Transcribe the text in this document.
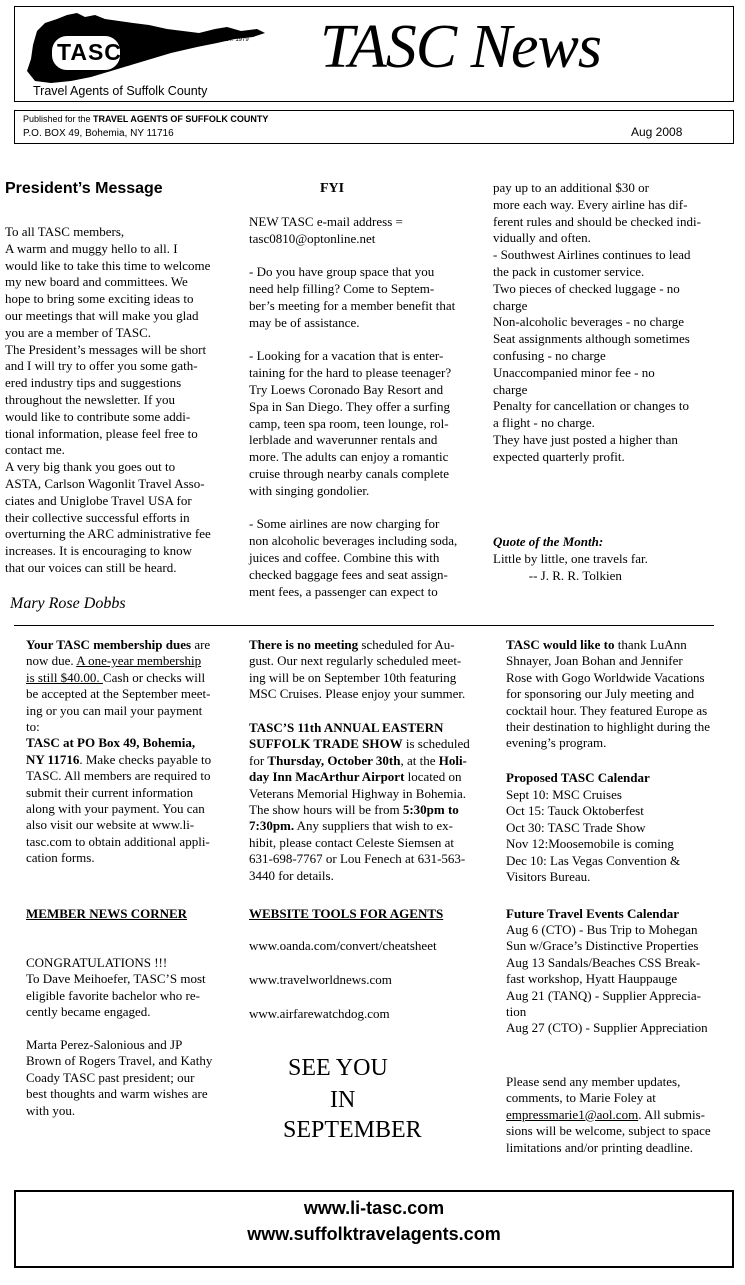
TASC	EST. 1979
Travel Agents of Suffolk County
TASC News
Published for the TRAVEL AGENTS OF SUFFOLK COUNTY
P.O. BOX 49, Bohemia, NY 11716	Aug 2008
President’s Message
To all TASC members,
A warm and muggy hello to all. I
would like to take this time to welcome
my new board and committees. We
hope to bring some exciting ideas to
our meetings that will make you glad
you are a member of TASC.
The President’s messages will be short
and I will try to offer you some gath-
ered industry tips and suggestions
throughout the newsletter. If you
would like to contribute some addi-
tional information, please feel free to
contact me.
A very big thank you goes out to
ASTA, Carlson Wagonlit Travel Asso-
ciates and Uniglobe Travel USA for
their collective successful efforts in
overturning the ARC administrative fee
increases. It is encouraging to know
that our voices can still be heard.
Mary Rose Dobbs
FYI
NEW TASC e-mail address =
tasc0810@optonline.net

- Do you have group space that you
need help filling? Come to Septem-
ber’s meeting for a member benefit that
may be of assistance.

- Looking for a vacation that is enter-
taining for the hard to please teenager?
Try Loews Coronado Bay Resort and
Spa in San Diego. They offer a surfing
camp, teen spa room, teen lounge, rol-
lerblade and waverunner rentals and
more. The adults can enjoy a romantic
cruise through nearby canals complete
with singing gondolier.

- Some airlines are now charging for
non alcoholic beverages including soda,
juices and coffee. Combine this with
checked baggage fees and seat assign-
ment fees, a passenger can expect to
pay up to an additional $30 or
more each way. Every airline has dif-
ferent rules and should be checked indi-
vidually and often.
- Southwest Airlines continues to lead
the pack in customer service.
Two pieces of checked luggage - no
charge
Non-alcoholic beverages - no charge
Seat assignments although sometimes
confusing - no charge
Unaccompanied minor fee - no
charge
Penalty for cancellation or changes to
a flight - no charge.
They have just posted a higher than
expected quarterly profit.
Quote of the Month:
Little by little, one travels far.
-- J. R. R. Tolkien
Your TASC membership dues are
now due. A one-year membership
is still $40.00. Cash or checks will
be accepted at the September meet-
ing or you can mail your payment
to:
TASC at PO Box 49, Bohemia,
NY 11716. Make checks payable to
TASC. All members are required to
submit their current information
along with your payment. You can
also visit our website at www.li-
tasc.com to obtain additional appli-
cation forms.
MEMBER NEWS CORNER
CONGRATULATIONS !!!
To Dave Meihoefer, TASC’S most
eligible favorite bachelor who re-
cently became engaged.

Marta Perez-Salonious and JP
Brown of Rogers Travel, and Kathy
Coady TASC past president; our
best thoughts and warm wishes are
with you.
There is no meeting scheduled for Au-
gust. Our next regularly scheduled meet-
ing will be on September 10th featuring
MSC Cruises. Please enjoy your summer.
TASC’S 11th ANNUAL EASTERN
SUFFOLK TRADE SHOW is scheduled
for Thursday, October 30th, at the Holi-
day Inn MacArthur Airport located on
Veterans Memorial Highway in Bohemia.
The show hours will be from 5:30pm to
7:30pm. Any suppliers that wish to ex-
hibit, please contact Celeste Siemsen at
631-698-7767 or Lou Fenech at 631-563-
3440 for details.
WEBSITE TOOLS FOR AGENTS
www.oanda.com/convert/cheatsheet
www.travelworldnews.com
www.airfarewatchdog.com
SEE YOU
IN
SEPTEMBER
TASC would like to thank LuAnn
Shnayer, Joan Bohan and Jennifer
Rose with Gogo Worldwide Vacations
for sponsoring our July meeting and
cocktail hour. They featured Europe as
their destination to highlight during the
evening’s program.
Proposed TASC Calendar
Sept 10: MSC Cruises
Oct 15: Tauck Oktoberfest
Oct 30: TASC Trade Show
Nov 12:Moosemobile is coming
Dec 10: Las Vegas Convention &
Visitors Bureau.
Future Travel Events Calendar
Aug 6 (CTO) - Bus Trip to Mohegan
Sun w/Grace’s Distinctive Properties
Aug 13 Sandals/Beaches CSS Break-
fast workshop, Hyatt Hauppauge
Aug 21 (TANQ) - Supplier Apprecia-
tion
Aug 27 (CTO) - Supplier Appreciation
Please send any member updates,
comments, to Marie Foley at
empressmarie1@aol.com. All submis-
sions will be welcome, subject to space
limitations and/or printing deadline.
www.li-tasc.com
www.suffolktravelagents.com
